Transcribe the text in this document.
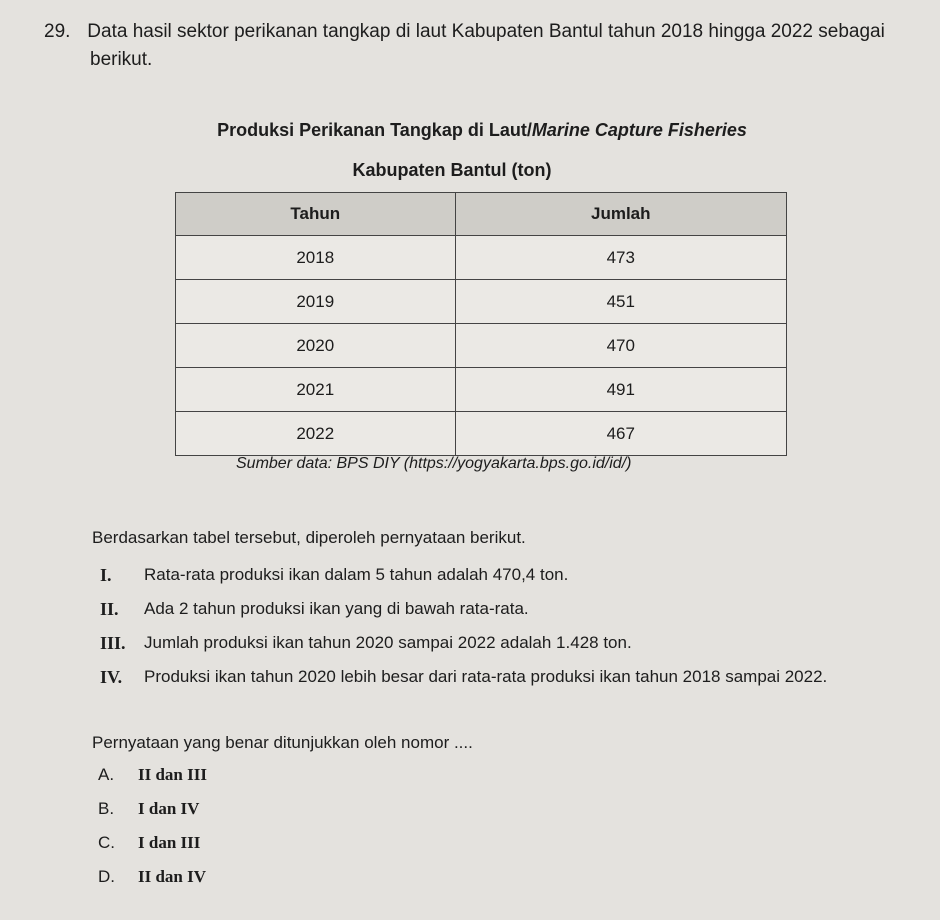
29. Data hasil sektor perikanan tangkap di laut Kabupaten Bantul tahun 2018 hingga 2022 sebagai
berikut.
Produksi Perikanan Tangkap di Laut/Marine Capture Fisheries
Kabupaten Bantul (ton)
Tahun	Jumlah
2018	473
2019	451
2020	470
2021	491
2022	467
Sumber data: BPS DIY (https://yogyakarta.bps.go.id/id/)
Berdasarkan tabel tersebut, diperoleh pernyataan berikut.
I.	Rata-rata produksi ikan dalam 5 tahun adalah 470,4 ton.
II.	Ada 2 tahun produksi ikan yang di bawah rata-rata.
III.	Jumlah produksi ikan tahun 2020 sampai 2022 adalah 1.428 ton.
IV.	Produksi ikan tahun 2020 lebih besar dari rata-rata produksi ikan tahun 2018 sampai 2022.
Pernyataan yang benar ditunjukkan oleh nomor ....
A.	II dan III
B.	I dan IV
C.	I dan III
D.	II dan IV
